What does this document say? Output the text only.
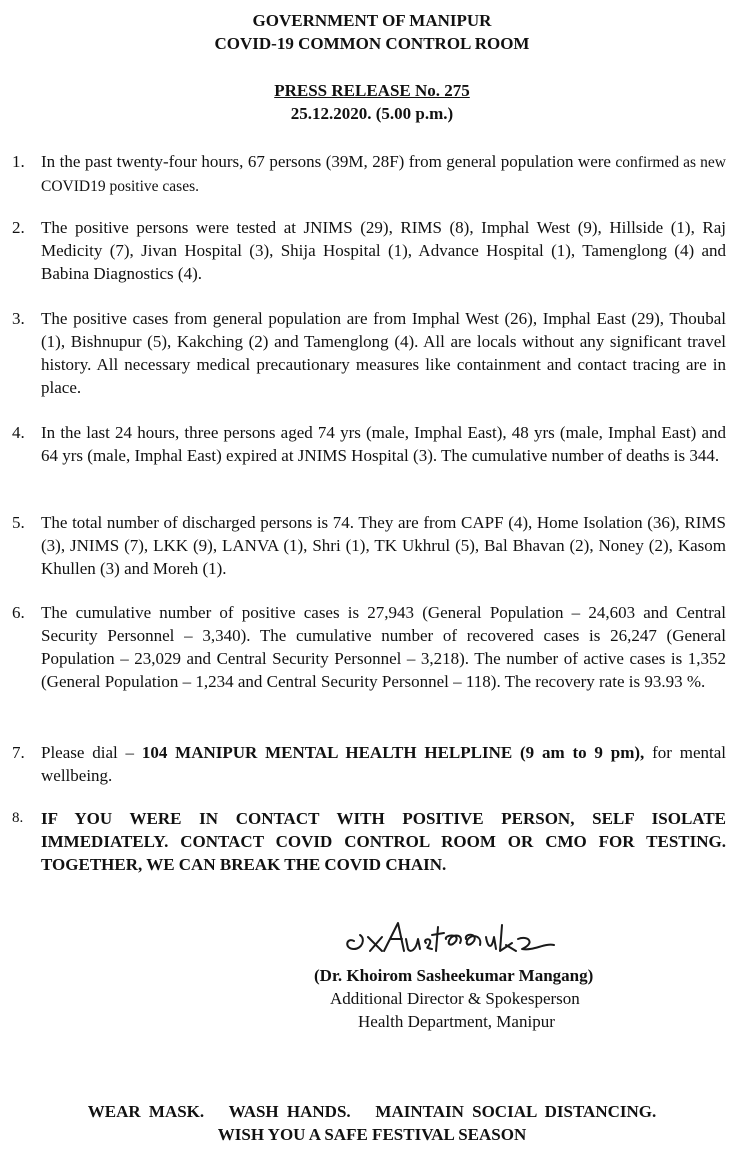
GOVERNMENT OF MANIPUR
COVID-19 COMMON CONTROL ROOM
PRESS RELEASE No. 275
25.12.2020. (5.00 p.m.)
1. In the past twenty-four hours, 67 persons (39M, 28F) from general population were confirmed as new COVID19 positive cases.
2. The positive persons were tested at JNIMS (29), RIMS (8), Imphal West (9), Hillside (1), Raj Medicity (7), Jivan Hospital (3), Shija Hospital (1), Advance Hospital (1), Tamenglong (4) and Babina Diagnostics (4).
3. The positive cases from general population are from Imphal West (26), Imphal East (29), Thoubal (1), Bishnupur (5), Kakching (2) and Tamenglong (4). All are locals without any significant travel history. All necessary medical precautionary measures like containment and contact tracing are in place.
4. In the last 24 hours, three persons aged 74 yrs (male, Imphal East), 48 yrs (male, Imphal East) and 64 yrs (male, Imphal East) expired at JNIMS Hospital (3). The cumulative number of deaths is 344.
5. The total number of discharged persons is 74. They are from CAPF (4), Home Isolation (36), RIMS (3), JNIMS (7), LKK (9), LANVA (1), Shri (1), TK Ukhrul (5), Bal Bhavan (2), Noney (2), Kasom Khullen (3) and Moreh (1).
6. The cumulative number of positive cases is 27,943 (General Population – 24,603 and Central Security Personnel – 3,340). The cumulative number of recovered cases is 26,247 (General Population – 23,029 and Central Security Personnel – 3,218). The number of active cases is 1,352 (General Population – 1,234 and Central Security Personnel – 118). The recovery rate is 93.93 %.
7. Please dial – 104 MANIPUR MENTAL HEALTH HELPLINE (9 am to 9 pm), for mental wellbeing.
8.	IF YOU WERE IN CONTACT WITH POSITIVE PERSON, SELF ISOLATE IMMEDIATELY. CONTACT COVID CONTROL ROOM OR CMO FOR TESTING. TOGETHER, WE CAN BREAK THE COVID CHAIN.
(Dr. Khoirom Sasheekumar Mangang)
Additional Director & Spokesperson
Health Department, Manipur
WEAR MASK.   WASH HANDS.   MAINTAIN SOCIAL DISTANCING.
WISH YOU A SAFE FESTIVAL SEASON
